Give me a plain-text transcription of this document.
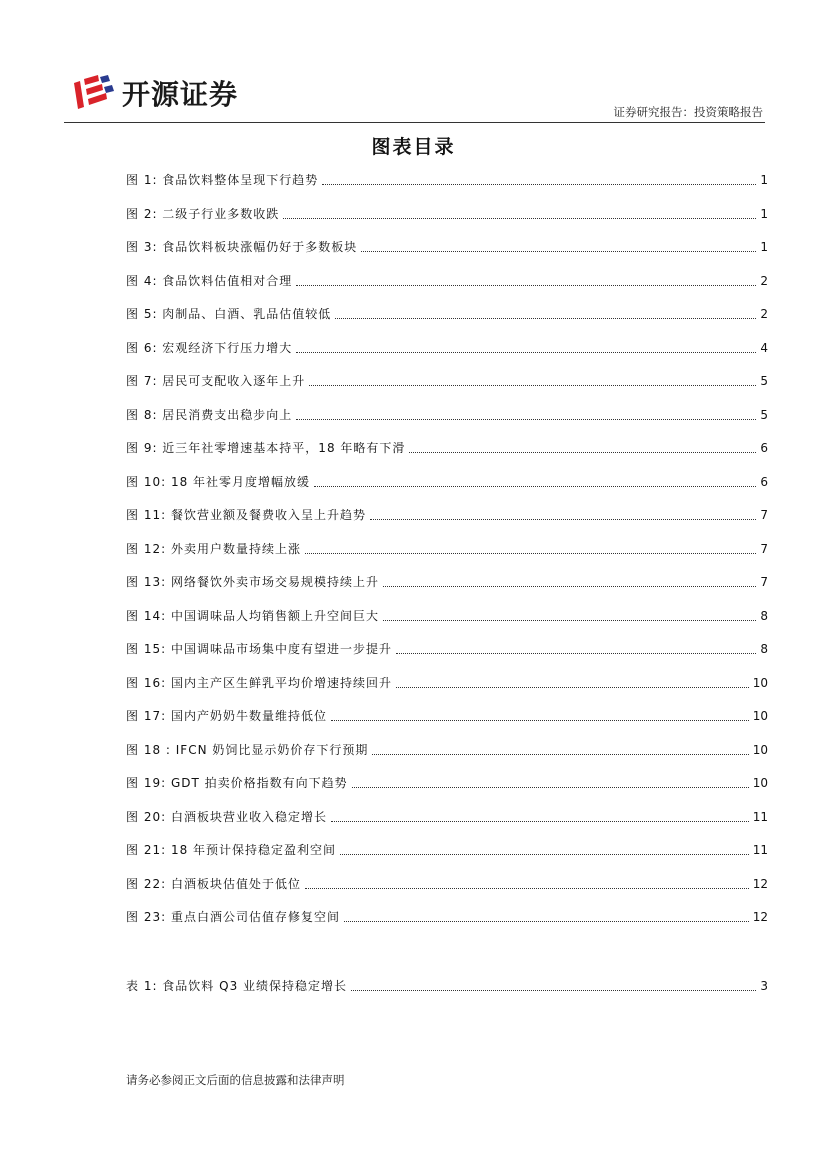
开源证券
证券研究报告：投资策略报告
图表目录
图 1: 食品饮料整体呈现下行趋势	1
图 2: 二级子行业多数收跌	1
图 3: 食品饮料板块涨幅仍好于多数板块	1
图 4: 食品饮料估值相对合理	2
图 5: 肉制品、白酒、乳品估值较低	2
图 6: 宏观经济下行压力增大	4
图 7: 居民可支配收入逐年上升	5
图 8: 居民消费支出稳步向上	5
图 9: 近三年社零增速基本持平，18 年略有下滑	6
图 10: 18 年社零月度增幅放缓	6
图 11: 餐饮营业额及餐费收入呈上升趋势	7
图 12: 外卖用户数量持续上涨	7
图 13: 网络餐饮外卖市场交易规模持续上升	7
图 14: 中国调味品人均销售额上升空间巨大	8
图 15: 中国调味品市场集中度有望进一步提升	8
图 16: 国内主产区生鲜乳平均价增速持续回升	10
图 17: 国内产奶奶牛数量维持低位	10
图 18 : IFCN 奶饲比显示奶价存下行预期	10
图 19: GDT 拍卖价格指数有向下趋势	10
图 20: 白酒板块营业收入稳定增长	11
图 21: 18 年预计保持稳定盈利空间	11
图 22: 白酒板块估值处于低位	12
图 23: 重点白酒公司估值存修复空间	12
表 1: 食品饮料 Q3 业绩保持稳定增长	3
请务必参阅正文后面的信息披露和法律声明
